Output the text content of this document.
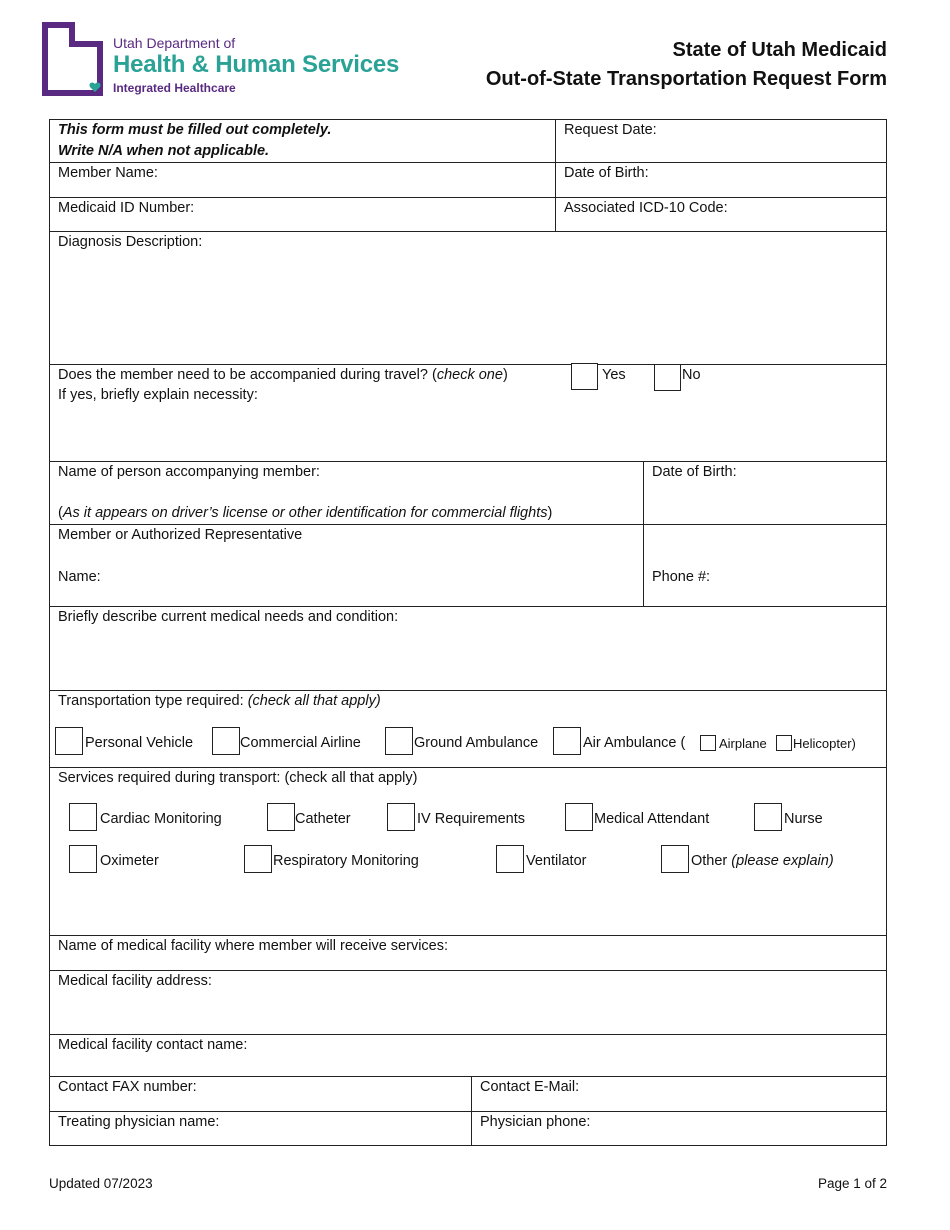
Utah Department of
Health & Human Services
Integrated Healthcare
State of Utah Medicaid
Out-of-State Transportation Request Form
This form must be filled out completely.
Write N/A when not applicable.
Request Date:
Member Name:	Date of Birth:
Medicaid ID Number:	Associated ICD-10 Code:
Diagnosis Description:
Does the member need to be accompanied during travel? (check one)	Yes	No
If yes, briefly explain necessity:
Name of person accompanying member:
(As it appears on driver’s license or other identification for commercial flights)
Date of Birth:
Member or Authorized Representative
Name:	Phone #:
Briefly describe current medical needs and condition:
Transportation type required: (check all that apply)
Personal Vehicle	Commercial Airline	Ground Ambulance	Air Ambulance (	Airplane Helicopter)
Services required during transport: (check all that apply)
Cardiac Monitoring	Catheter	IV Requirements	Medical Attendant	Nurse
Oximeter	Respiratory Monitoring	Ventilator	Other (please explain)
Name of medical facility where member will receive services:
Medical facility address:
Medical facility contact name:
Contact FAX number:	Contact E-Mail:
Treating physician name:	Physician phone:
Updated 07/2023	Page 1 of 2
